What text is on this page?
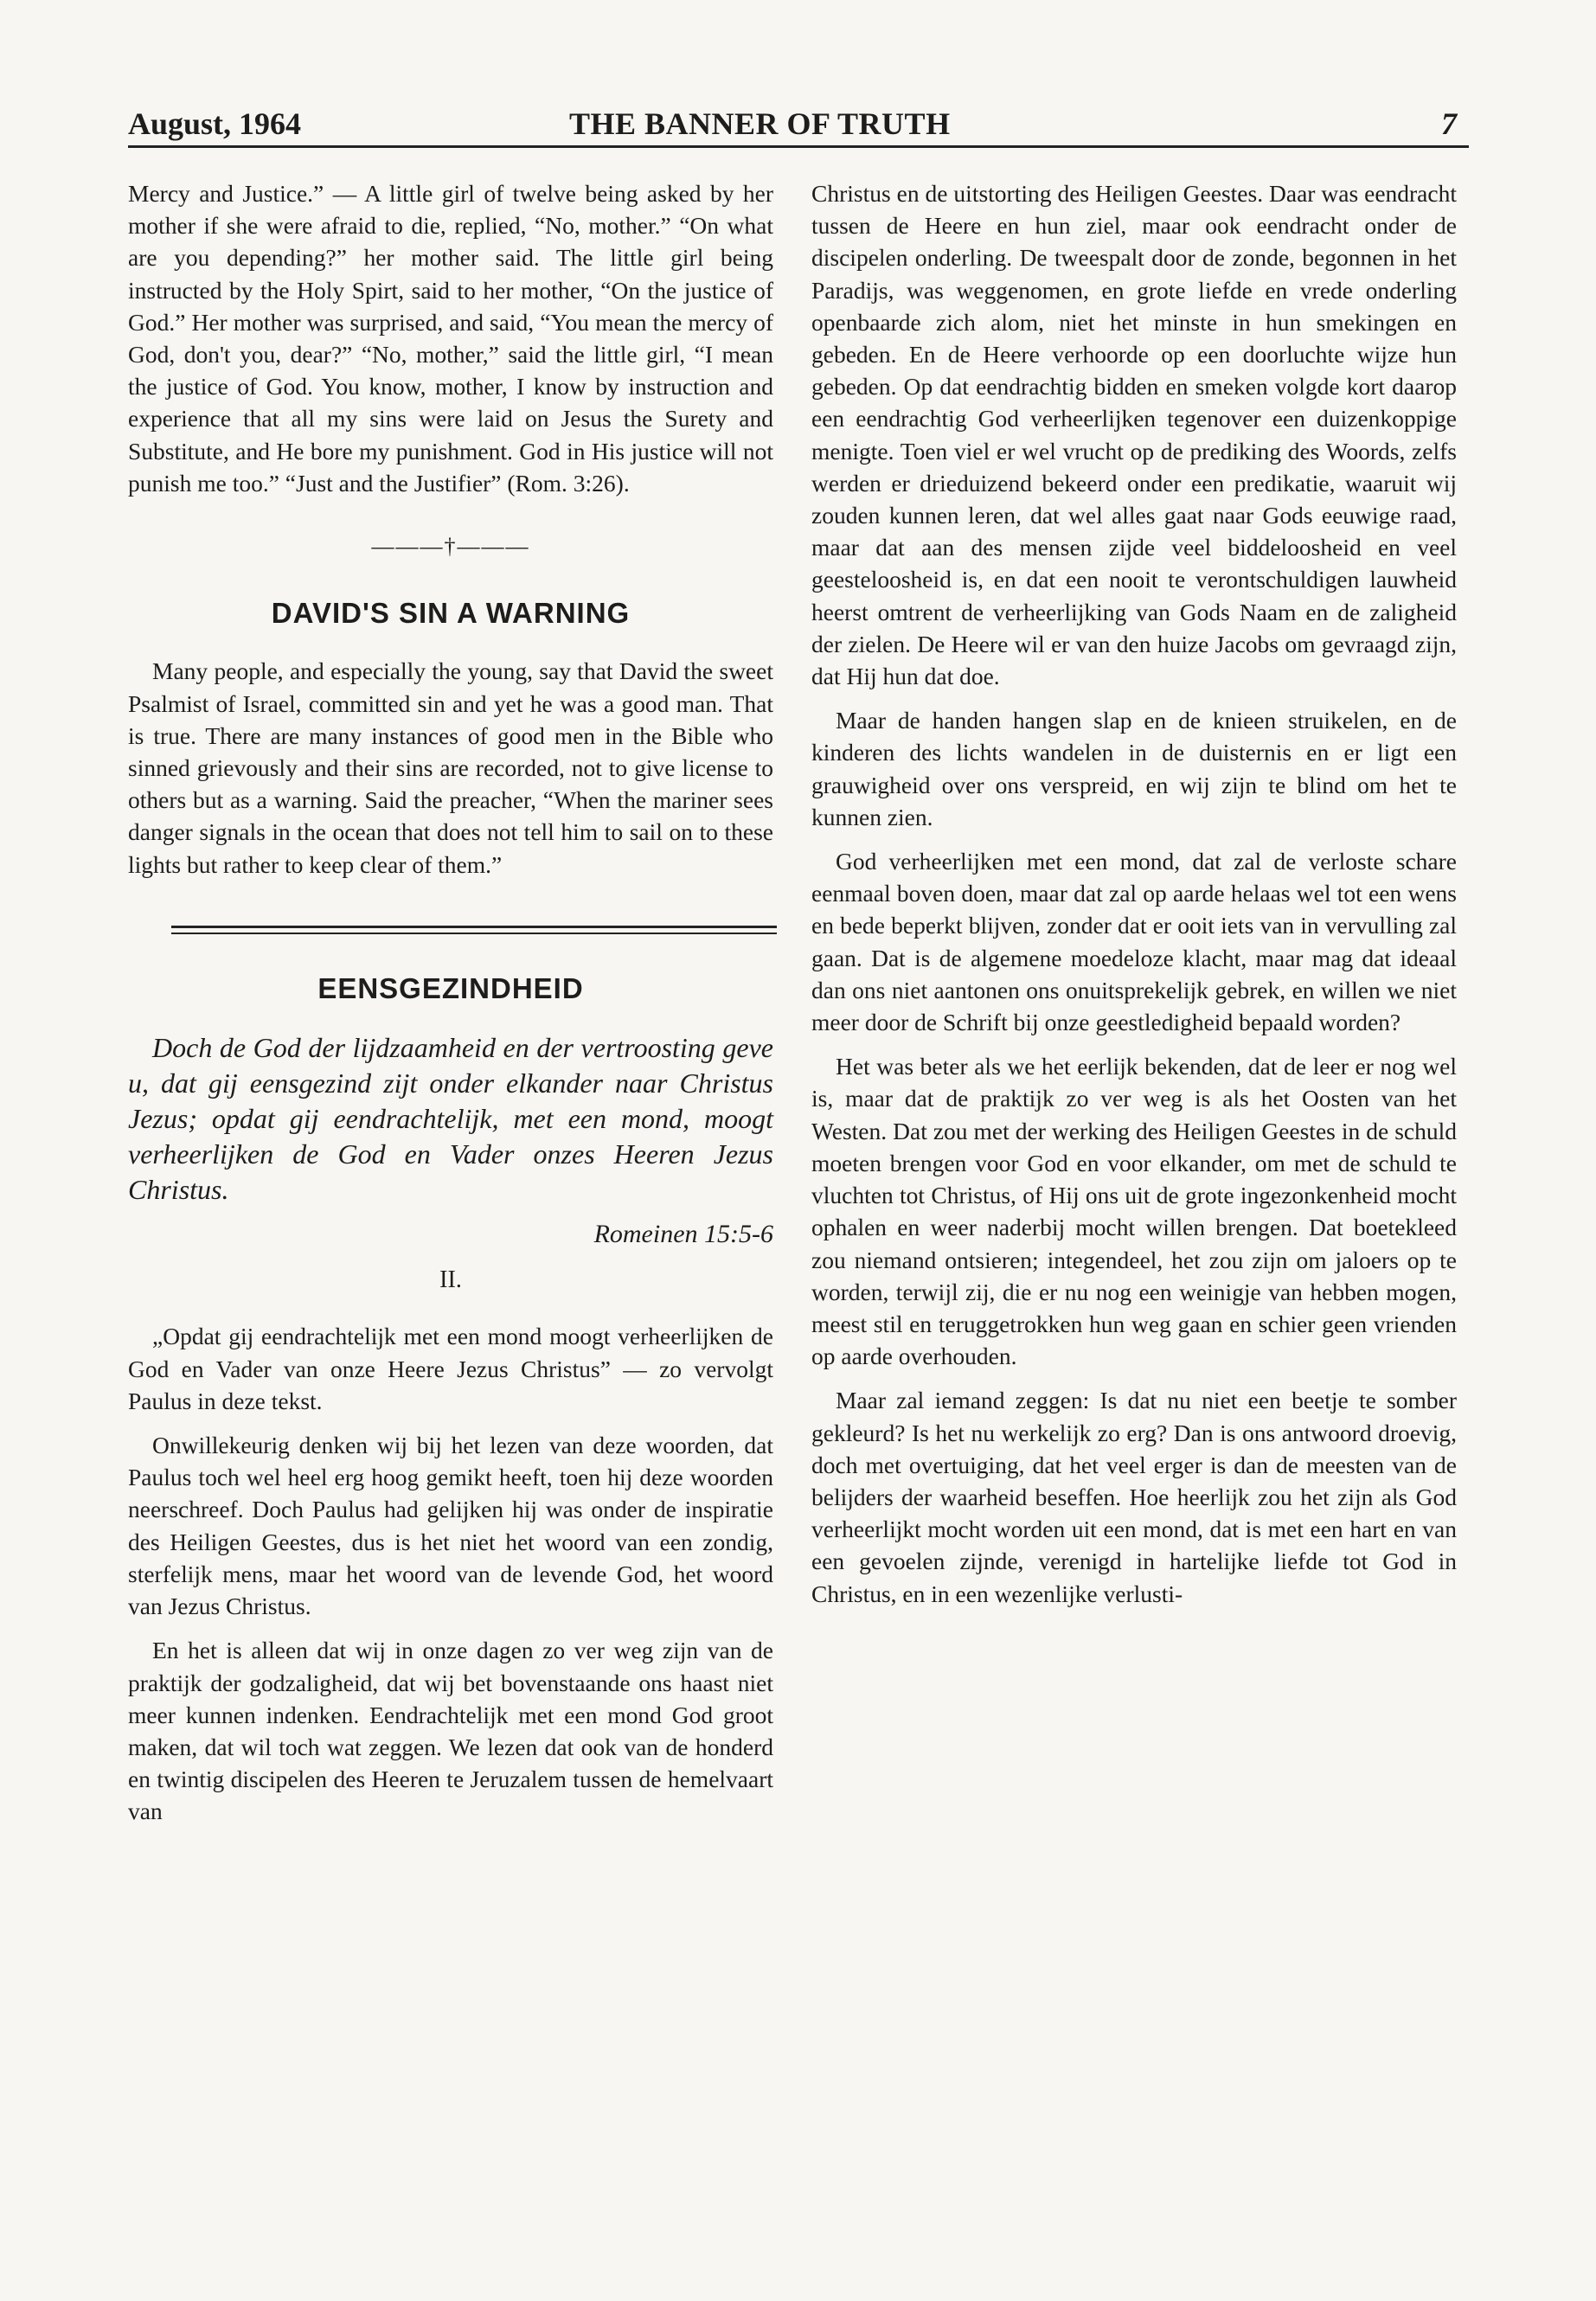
August, 1964	THE BANNER OF TRUTH	7

Mercy and Justice.” — A little girl of twelve being asked by her mother if she were afraid to die, replied, “No, mother.” “On what are you depending?” her mother said. The little girl being instructed by the Holy Spirt, said to her mother, “On the justice of God.” Her mother was surprised, and said, “You mean the mercy of God, don't you, dear?” “No, mother,” said the little girl, “I mean the justice of God. You know, mother, I know by instruction and experience that all my sins were laid on Jesus the Surety and Substitute, and He bore my punishment. God in His justice will not punish me too.” “Just and the Justifier” (Rom. 3:26).

———†———
DAVID'S SIN A WARNING

Many people, and especially the young, say that David the sweet Psalmist of Israel, committed sin and yet he was a good man. That is true. There are many instances of good men in the Bible who sinned grievously and their sins are recorded, not to give license to others but as a warning. Said the preacher, “When the mariner sees danger signals in the ocean that does not tell him to sail on to these lights but rather to keep clear of them.”

EENSGEZINDHEID

Doch de God der lijdzaamheid en der vertroosting geve u, dat gij eensgezind zijt onder elkander naar Christus Jezus; opdat gij eendrachtelijk, met een mond, moogt verheerlijken de God en Vader onzes Heeren Jezus Christus.

Romeinen 15:5-6
II.

„Opdat gij eendrachtelijk met een mond moogt verheerlijken de God en Vader van onze Heere Jezus Christus” — zo vervolgt Paulus in deze tekst.

Onwillekeurig denken wij bij het lezen van deze woorden, dat Paulus toch wel heel erg hoog gemikt heeft, toen hij deze woorden neerschreef. Doch Paulus had gelijken hij was onder de inspiratie des Heiligen Geestes, dus is het niet het woord van een zondig, sterfelijk mens, maar het woord van de levende God, het woord van Jezus Christus.

En het is alleen dat wij in onze dagen zo ver weg zijn van de praktijk der godzaligheid, dat wij bet bovenstaande ons haast niet meer kunnen indenken. Eendrachtelijk met een mond God groot maken, dat wil toch wat zeggen. We lezen dat ook van de honderd en twintig discipelen des Heeren te Jeruzalem tussen de hemelvaart van

Christus en de uitstorting des Heiligen Geestes. Daar was eendracht tussen de Heere en hun ziel, maar ook eendracht onder de discipelen onderling. De tweespalt door de zonde, begonnen in het Paradijs, was weggenomen, en grote liefde en vrede onderling openbaarde zich alom, niet het minste in hun smekingen en gebeden. En de Heere verhoorde op een doorluchte wijze hun gebeden. Op dat eendrachtig bidden en smeken volgde kort daarop een eendrachtig God verheerlijken tegenover een duizenkoppige menigte. Toen viel er wel vrucht op de prediking des Woords, zelfs werden er drieduizend bekeerd onder een predikatie, waaruit wij zouden kunnen leren, dat wel alles gaat naar Gods eeuwige raad, maar dat aan des mensen zijde veel biddeloosheid en veel geesteloosheid is, en dat een nooit te verontschuldigen lauwheid heerst omtrent de verheerlijking van Gods Naam en de zaligheid der zielen. De Heere wil er van den huize Jacobs om gevraagd zijn, dat Hij hun dat doe.

Maar de handen hangen slap en de knieen struikelen, en de kinderen des lichts wandelen in de duisternis en er ligt een grauwigheid over ons verspreid, en wij zijn te blind om het te kunnen zien.

God verheerlijken met een mond, dat zal de verloste schare eenmaal boven doen, maar dat zal op aarde helaas wel tot een wens en bede beperkt blijven, zonder dat er ooit iets van in vervulling zal gaan. Dat is de algemene moedeloze klacht, maar mag dat ideaal dan ons niet aantonen ons onuitsprekelijk gebrek, en willen we niet meer door de Schrift bij onze geestledigheid bepaald worden?

Het was beter als we het eerlijk bekenden, dat de leer er nog wel is, maar dat de praktijk zo ver weg is als het Oosten van het Westen. Dat zou met der werking des Heiligen Geestes in de schuld moeten brengen voor God en voor elkander, om met de schuld te vluchten tot Christus, of Hij ons uit de grote ingezonkenheid mocht ophalen en weer naderbij mocht willen brengen. Dat boetekleed zou niemand ontsieren; integendeel, het zou zijn om jaloers op te worden, terwijl zij, die er nu nog een weinigje van hebben mogen, meest stil en teruggetrokken hun weg gaan en schier geen vrienden op aarde overhouden.

Maar zal iemand zeggen: Is dat nu niet een beetje te somber gekleurd? Is het nu werkelijk zo erg? Dan is ons antwoord droevig, doch met overtuiging, dat het veel erger is dan de meesten van de belijders der waarheid beseffen. Hoe heerlijk zou het zijn als God verheerlijkt mocht worden uit een mond, dat is met een hart en van een gevoelen zijnde, verenigd in hartelijke liefde tot God in Christus, en in een wezenlijke verlusti-
